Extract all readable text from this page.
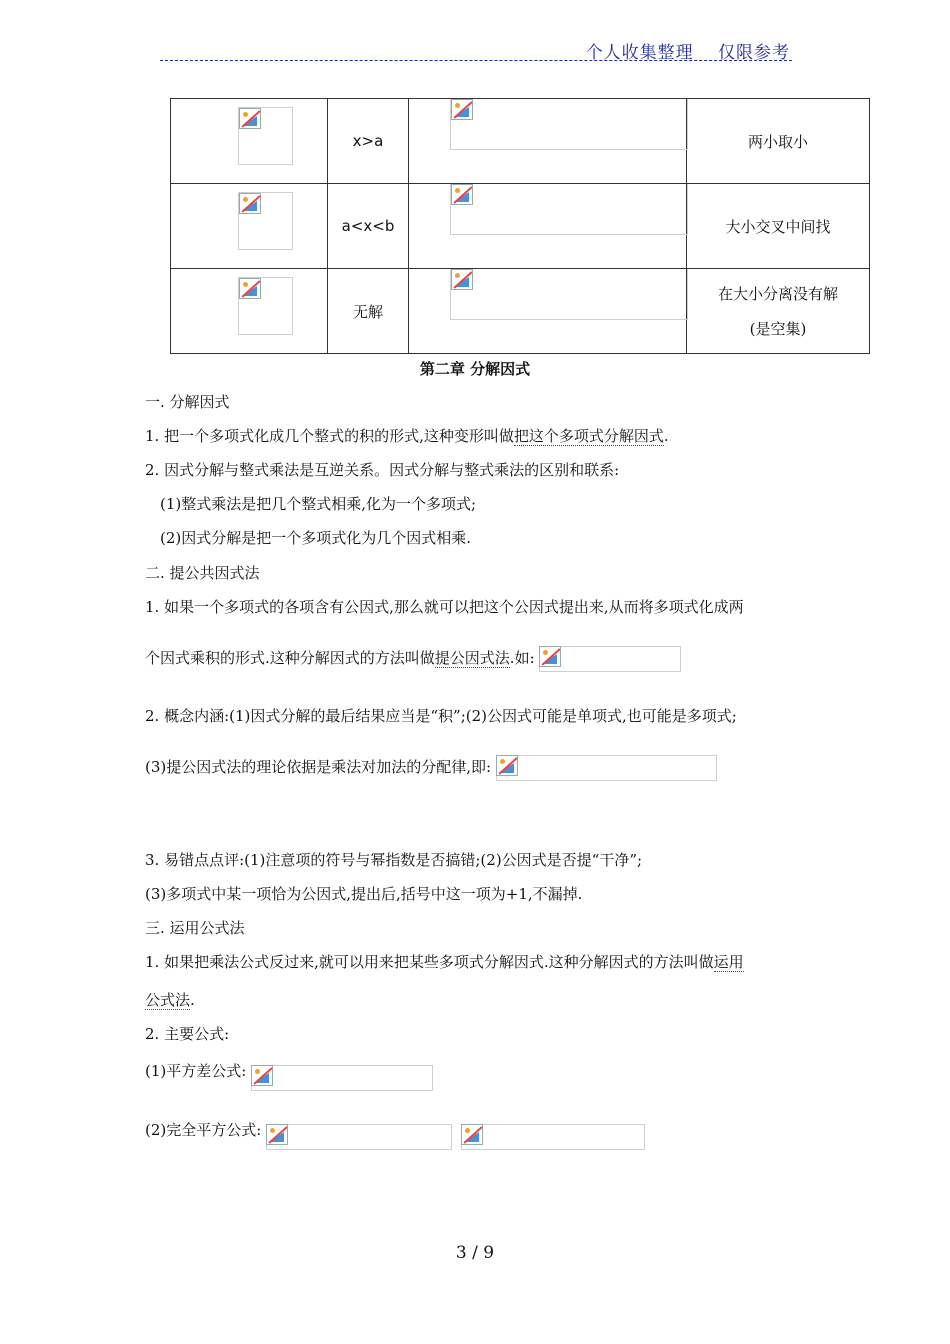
个人收集整理　 仅限参考
	x>a		两小取小

	a<x<b		大小交叉中间找

	无解		在大小分离没有解
(是空集)
第二章 分解因式
一. 分解因式
1. 把一个多项式化成几个整式的积的形式,这种变形叫做把这个多项式分解因式.
2. 因式分解与整式乘法是互逆关系。因式分解与整式乘法的区别和联系:
(1)整式乘法是把几个整式相乘,化为一个多项式;
(2)因式分解是把一个多项式化为几个因式相乘.
二. 提公共因式法
1. 如果一个多项式的各项含有公因式,那么就可以把这个公因式提出来,从而将多项式化成两
个因式乘积的形式.这种分解因式的方法叫做提公因式法.如:
2. 概念内涵:(1)因式分解的最后结果应当是“积”;(2)公因式可能是单项式,也可能是多项式;
(3)提公因式法的理论依据是乘法对加法的分配律,即:
3. 易错点点评:(1)注意项的符号与幂指数是否搞错;(2)公因式是否提“干净”;
(3)多项式中某一项恰为公因式,提出后,括号中这一项为+1,不漏掉.
三. 运用公式法
1. 如果把乘法公式反过来,就可以用来把某些多项式分解因式.这种分解因式的方法叫做运用
公式法.
2. 主要公式:
(1)平方差公式:
(2)完全平方公式:

3 / 9
